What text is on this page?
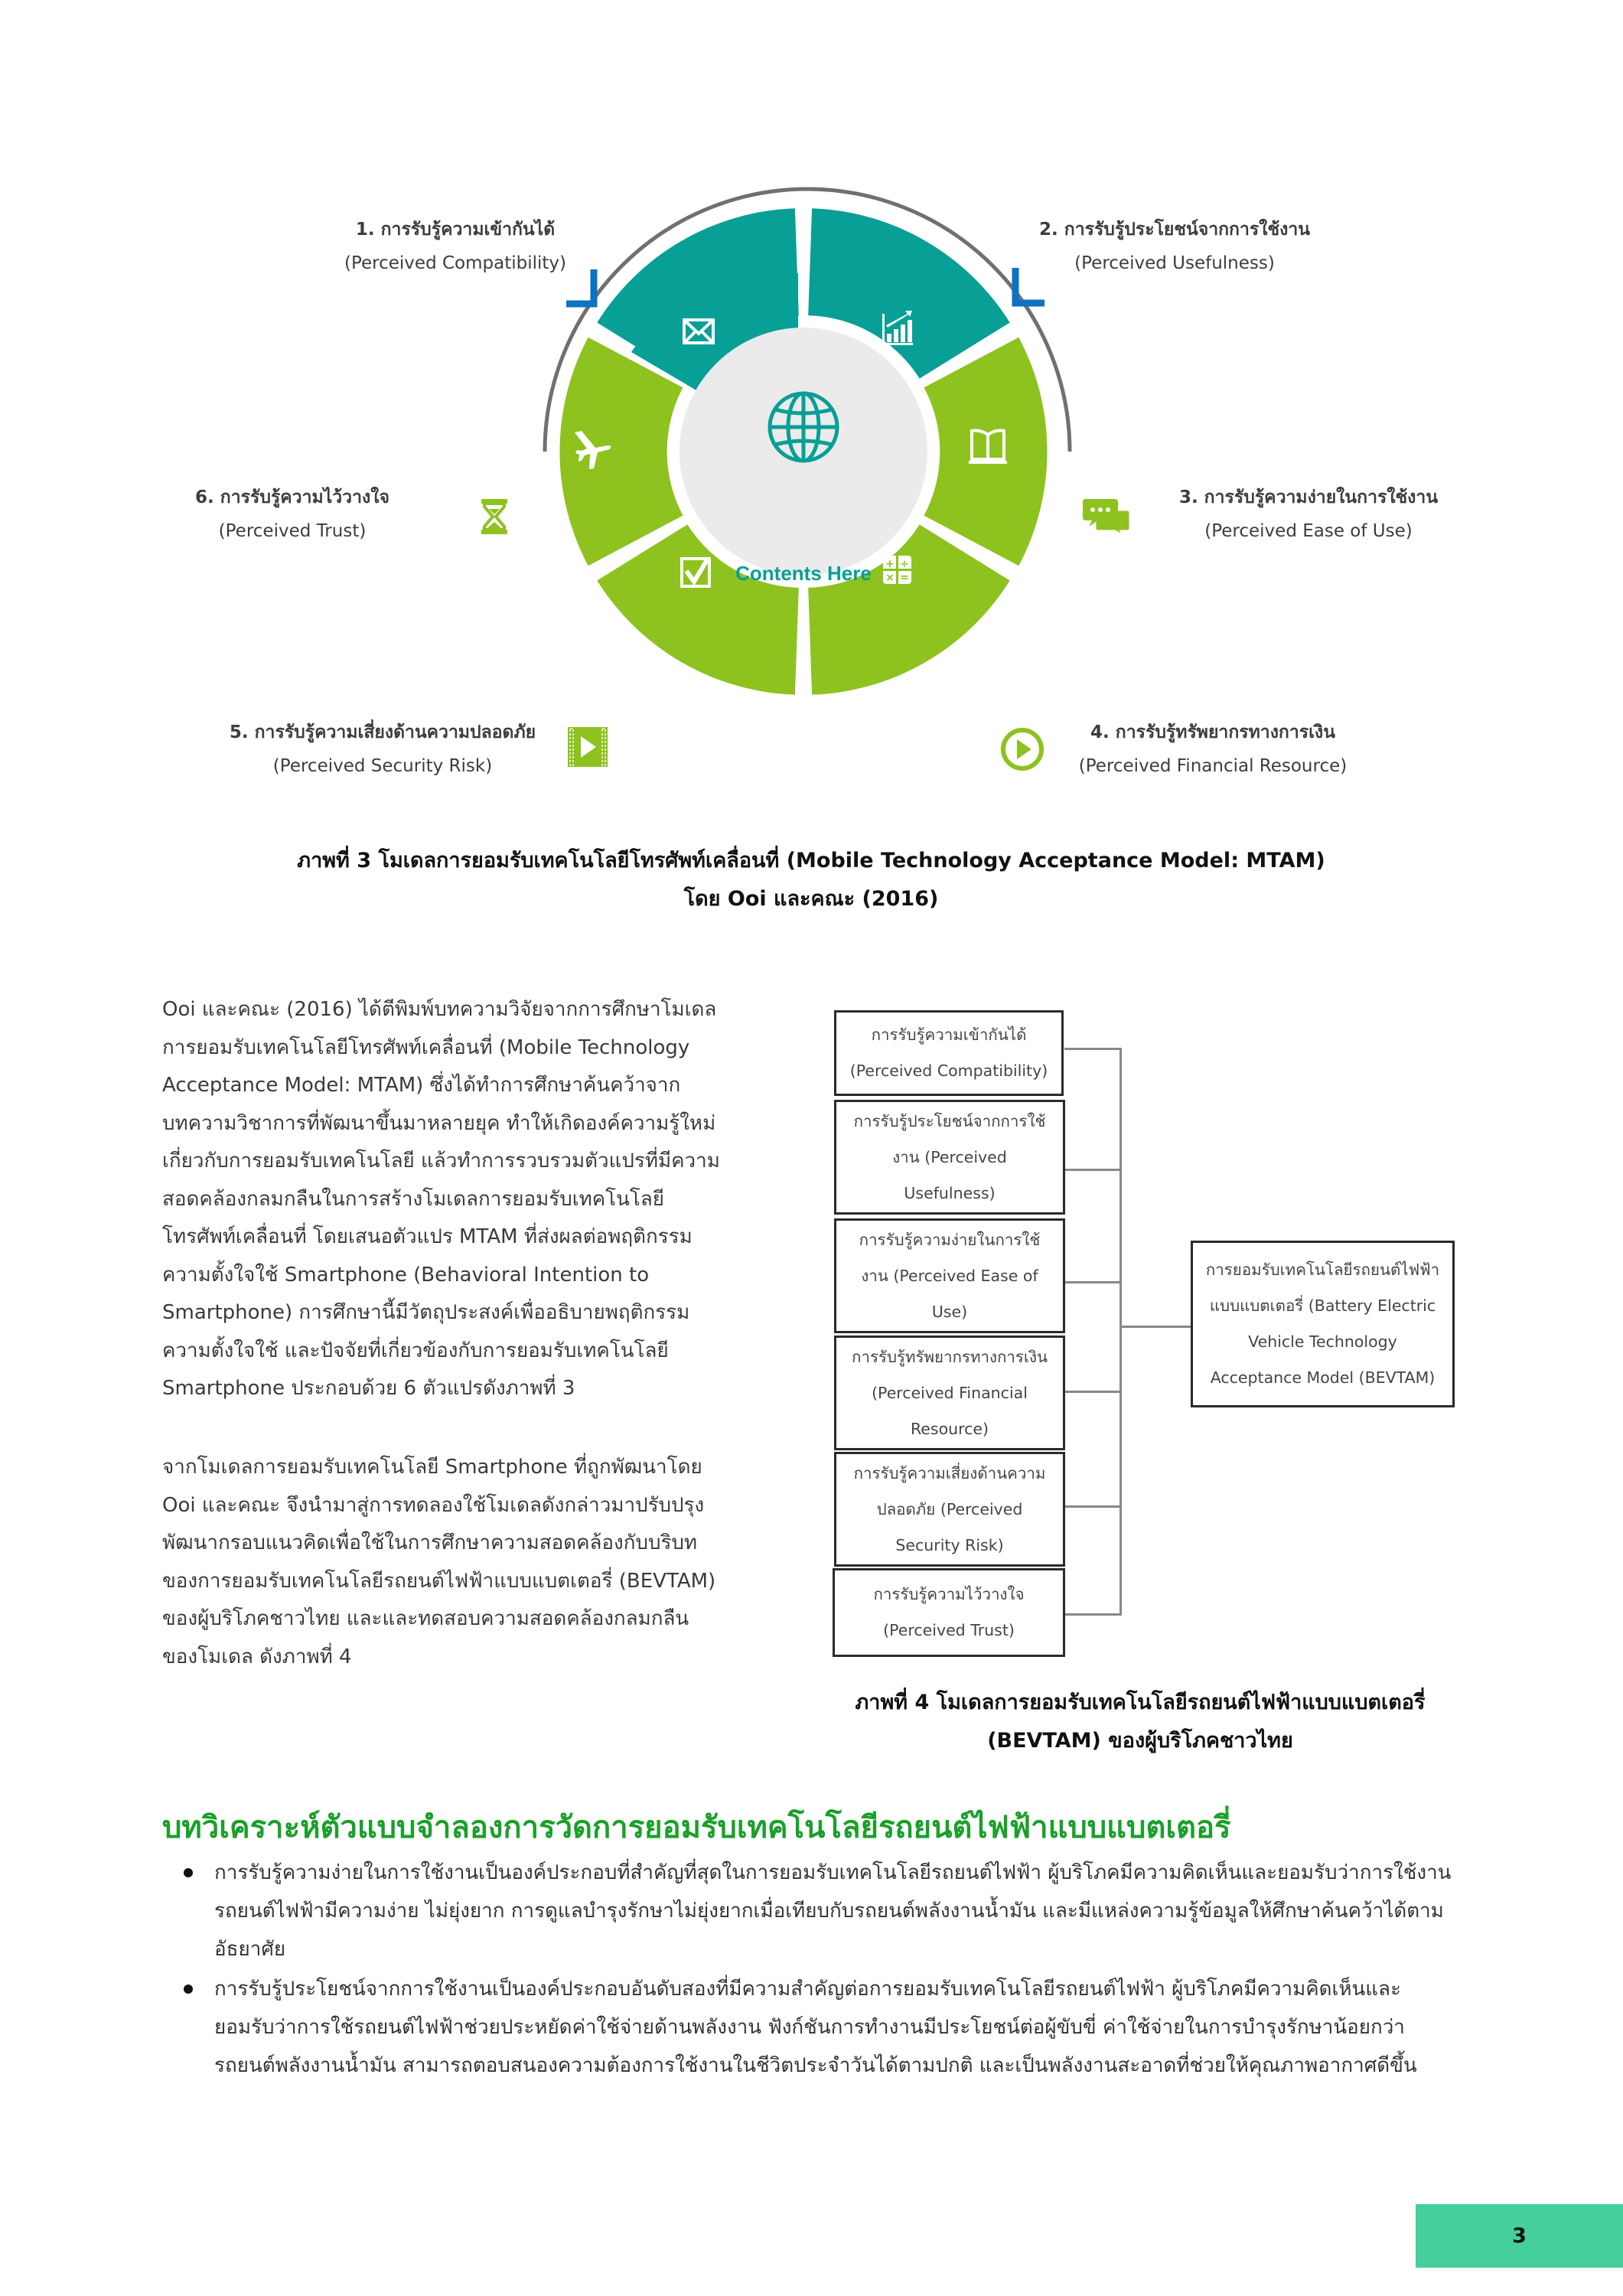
+ ÷
× =
Contents Here
1. การรับรู้ความเข้ากันได้
(Perceived Compatibility)
2. การรับรู้ประโยชน์จากการใช้งาน
(Perceived Usefulness)
3. การรับรู้ความง่ายในการใช้งาน
(Perceived Ease of Use)
4. การรับรู้ทรัพยากรทางการเงิน
(Perceived Financial Resource)
5. การรับรู้ความเสี่ยงด้านความปลอดภัย
(Perceived Security Risk)
6. การรับรู้ความไว้วางใจ
(Perceived Trust)
ภาพที่ 3 โมเดลการยอมรับเทคโนโลยีโทรศัพท์เคลื่อนที่ (Mobile Technology Acceptance Model: MTAM)
โดย Ooi และคณะ (2016)
Ooi และคณะ (2016) ได้ตีพิมพ์บทความวิจัยจากการศึกษาโมเดล
การยอมรับเทคโนโลยีโทรศัพท์เคลื่อนที่ (Mobile Technology
Acceptance Model: MTAM) ซึ่งได้ทำการศึกษาค้นคว้าจาก
บทความวิชาการที่พัฒนาขึ้นมาหลายยุค ทำให้เกิดองค์ความรู้ใหม่
เกี่ยวกับการยอมรับเทคโนโลยี แล้วทำการรวบรวมตัวแปรที่มีความ
สอดคล้องกลมกลืนในการสร้างโมเดลการยอมรับเทคโนโลยี
โทรศัพท์เคลื่อนที่ โดยเสนอตัวแปร MTAM ที่ส่งผลต่อพฤติกรรม
ความตั้งใจใช้ Smartphone (Behavioral Intention to
Smartphone) การศึกษานี้มีวัตถุประสงค์เพื่ออธิบายพฤติกรรม
ความตั้งใจใช้ และปัจจัยที่เกี่ยวข้องกับการยอมรับเทคโนโลยี
Smartphone ประกอบด้วย 6 ตัวแปรดังภาพที่ 3
จากโมเดลการยอมรับเทคโนโลยี Smartphone ที่ถูกพัฒนาโดย
Ooi และคณะ จึงนำมาสู่การทดลองใช้โมเดลดังกล่าวมาปรับปรุง
พัฒนากรอบแนวคิดเพื่อใช้ในการศึกษาความสอดคล้องกับบริบท
ของการยอมรับเทคโนโลยีรถยนต์ไฟฟ้าแบบแบตเตอรี่ (BEVTAM)
ของผู้บริโภคชาวไทย และและทดสอบความสอดคล้องกลมกลืน
ของโมเดล ดังภาพที่ 4
การรับรู้ความเข้ากันได้
(Perceived Compatibility)
การรับรู้ประโยชน์จากการใช้
งาน (Perceived
Usefulness)
การรับรู้ความง่ายในการใช้
งาน (Perceived Ease of
Use)
การรับรู้ทรัพยากรทางการเงิน
(Perceived Financial
Resource)
การรับรู้ความเสี่ยงด้านความ
ปลอดภัย (Perceived
Security Risk)
การรับรู้ความไว้วางใจ
(Perceived Trust)
การยอมรับเทคโนโลยีรถยนต์ไฟฟ้า
แบบแบตเตอรี่ (Battery Electric
Vehicle Technology
Acceptance Model (BEVTAM)
ภาพที่ 4 โมเดลการยอมรับเทคโนโลยีรถยนต์ไฟฟ้าแบบแบตเตอรี่
(BEVTAM) ของผู้บริโภคชาวไทย
บทวิเคราะห์ตัวแบบจำลองการวัดการยอมรับเทคโนโลยีรถยนต์ไฟฟ้าแบบแบตเตอรี่
การรับรู้ความง่ายในการใช้งานเป็นองค์ประกอบที่สำคัญที่สุดในการยอมรับเทคโนโลยีรถยนต์ไฟฟ้า ผู้บริโภคมีความคิดเห็นและยอมรับว่าการใช้งานรถยนต์ไฟฟ้ามีความง่าย ไม่ยุ่งยาก การดูแลบำรุงรักษาไม่ยุ่งยากเมื่อเทียบกับรถยนต์พลังงานน้ำมัน และมีแหล่งความรู้ข้อมูลให้ศึกษาค้นคว้าได้ตามอัธยาศัย
การรับรู้ประโยชน์จากการใช้งานเป็นองค์ประกอบอันดับสองที่มีความสำคัญต่อการยอมรับเทคโนโลยีรถยนต์ไฟฟ้า ผู้บริโภคมีความคิดเห็นและยอมรับว่าการใช้รถยนต์ไฟฟ้าช่วยประหยัดค่าใช้จ่ายด้านพลังงาน ฟังก์ชันการทำงานมีประโยชน์ต่อผู้ขับขี่ ค่าใช้จ่ายในการบำรุงรักษาน้อยกว่ารถยนต์พลังงานน้ำมัน สามารถตอบสนองความต้องการใช้งานในชีวิตประจำวันได้ตามปกติ และเป็นพลังงานสะอาดที่ช่วยให้คุณภาพอากาศดีขึ้น
3
